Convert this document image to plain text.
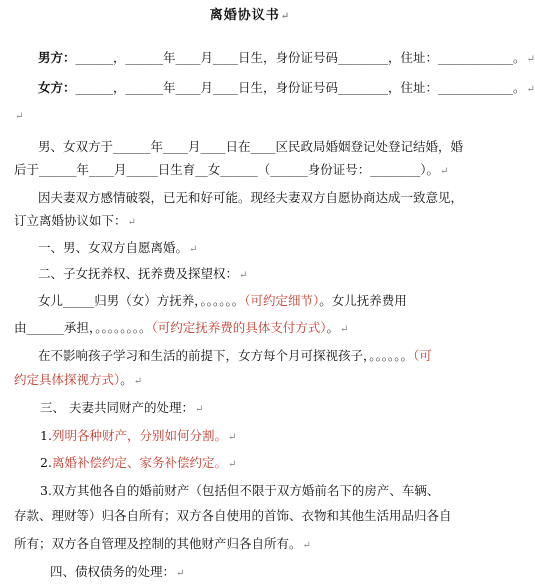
离婚协议书↵
男方：______，______年____月____日生，身份证号码________，住址：____________。↵
女方：______，______年____月____日生，身份证号码________，住址：____________。↵
↵
男、女双方于______年____月____日在____区民政局婚姻登记处登记结婚，婚
后于______年____月_____日生育__女______（______身份证号：________）。↵
因夫妻双方感情破裂，已无和好可能。现经夫妻双方自愿协商达成一致意见，
订立离婚协议如下：↵
一、男、女双方自愿离婚。↵
二、子女抚养权、抚养费及探望权：↵
女儿_____归男（女）方抚养，。。。。。。（可约定细节）。女儿抚养费用
由______承担，。。。。。。。。（可约定抚养费的具体支付方式）。↵
在不影响孩子学习和生活的前提下，女方每个月可探视孩子，。。。。。。（可
约定具体探视方式）。↵
三、 夫妻共同财产的处理：↵
1.列明各种财产，分别如何分割。↵
2.离婚补偿约定、家务补偿约定。↵
3.双方其他各自的婚前财产（包括但不限于双方婚前名下的房产、车辆、
存款、理财等）归各自所有；双方各自使用的首饰、衣物和其他生活用品归各自
所有；双方各自管理及控制的其他财产归各自所有。↵
四、债权债务的处理：↵
